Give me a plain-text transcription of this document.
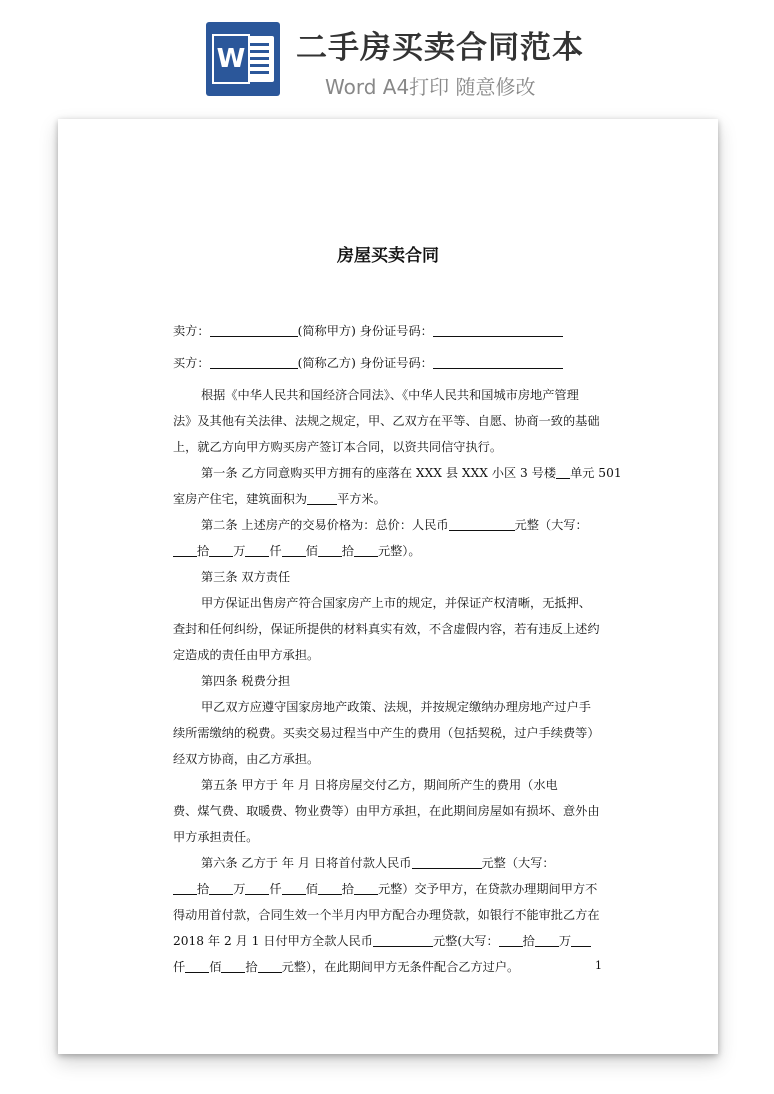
W 二手房买卖合同范本
Word A4打印 随意修改
房屋买卖合同
卖方：	(简称甲方) 身份证号码：
买方：	(简称乙方) 身份证号码：
根据《中华人民共和国经济合同法》、《中华人民共和国城市房地产管理
法》及其他有关法律、法规之规定，甲、乙双方在平等、自愿、协商一致的基础
上，就乙方向甲方购买房产签订本合同，以资共同信守执行。
第一条 乙方同意购买甲方拥有的座落在 XXX 县 XXX 小区 3 号楼 单元 501
室房产住宅，建筑面积为 平方米。
第二条 上述房产的交易价格为：总价：人民币	元整（大写：
拾 万 仟 佰 拾 元整）。
第三条 双方责任
甲方保证出售房产符合国家房产上市的规定，并保证产权清晰，无抵押、
查封和任何纠纷，保证所提供的材料真实有效，不含虚假内容，若有违反上述约
定造成的责任由甲方承担。
第四条 税费分担
甲乙双方应遵守国家房地产政策、法规，并按规定缴纳办理房地产过户手
续所需缴纳的税费。买卖交易过程当中产生的费用（包括契税，过户手续费等）
经双方协商，由乙方承担。
第五条 甲方于 年 月 日将房屋交付乙方，期间所产生的费用（水电
费、煤气费、取暖费、物业费等）由甲方承担，在此期间房屋如有损坏、意外由
甲方承担责任。
第六条 乙方于 年 月 日将首付款人民币	元整（大写：
拾 万 仟 佰 拾 元整）交予甲方，在贷款办理期间甲方不
得动用首付款，合同生效一个半月内甲方配合办理贷款，如银行不能审批乙方在
2018 年 2 月 1 日付甲方全款人民币	元整(大写： 拾 万
仟 佰 拾 元整），在此期间甲方无条件配合乙方过户。	1
